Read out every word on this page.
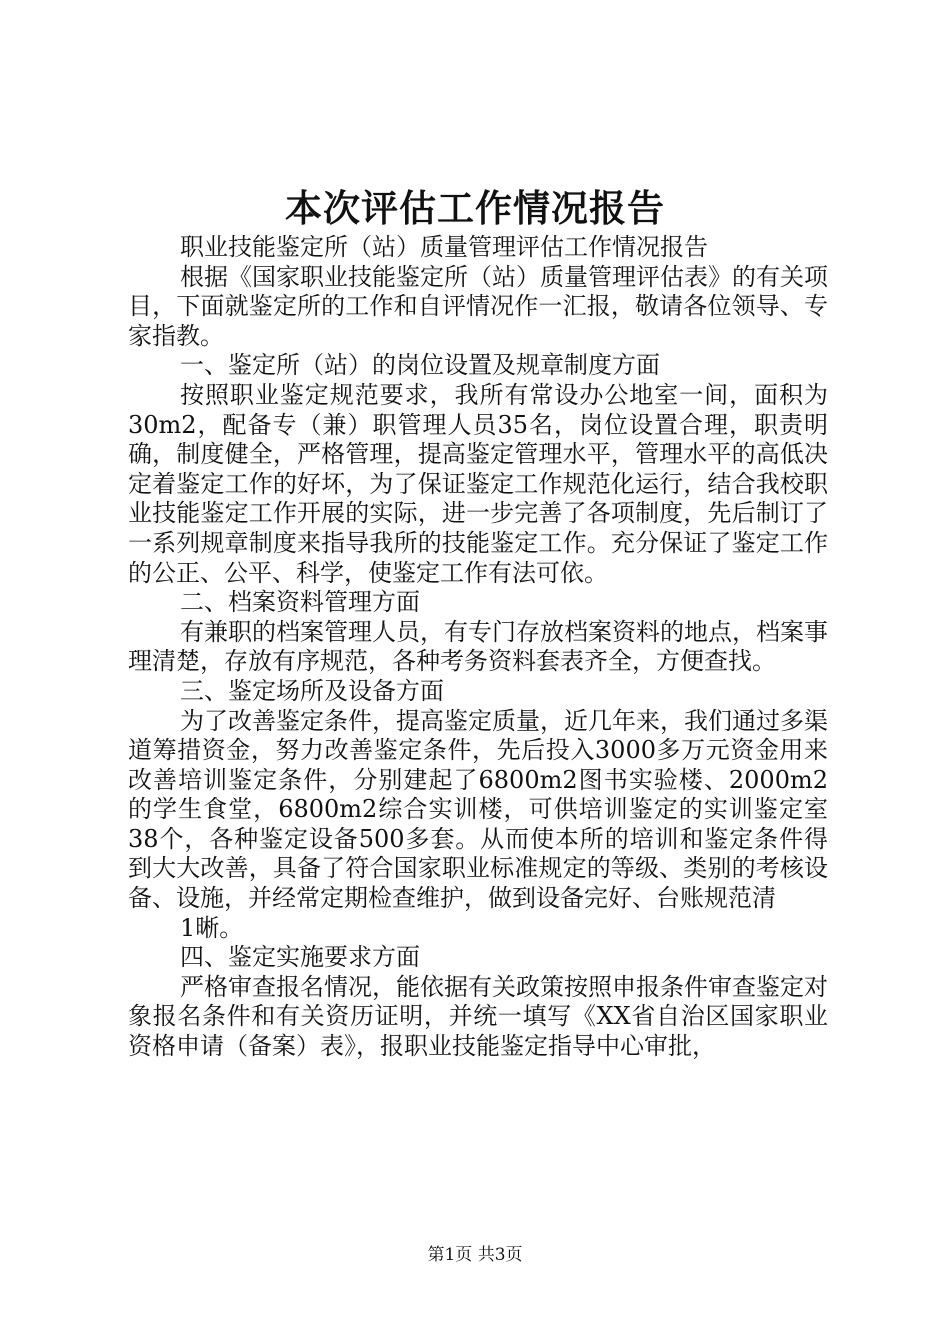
本次评估工作情况报告

职业技能鉴定所（站）质量管理评估工作情况报告

根据《国家职业技能鉴定所（站）质量管理评估表》的有关项目，下面就鉴定所的工作和自评情况作一汇报，敬请各位领导、专家指教。

一、鉴定所（站）的岗位设置及规章制度方面

按照职业鉴定规范要求，我所有常设办公地室一间，面积为30m2，配备专（兼）职管理人员35名，岗位设置合理，职责明确，制度健全，严格管理，提高鉴定管理水平，管理水平的高低决定着鉴定工作的好坏，为了保证鉴定工作规范化运行，结合我校职业技能鉴定工作开展的实际，进一步完善了各项制度，先后制订了一系列规章制度来指导我所的技能鉴定工作。充分保证了鉴定工作的公正、公平、科学，使鉴定工作有法可依。

二、档案资料管理方面

有兼职的档案管理人员，有专门存放档案资料的地点，档案事理清楚，存放有序规范，各种考务资料套表齐全，方便查找。

三、鉴定场所及设备方面

为了改善鉴定条件，提高鉴定质量，近几年来，我们通过多渠道筹措资金，努力改善鉴定条件，先后投入3000多万元资金用来改善培训鉴定条件，分别建起了6800m2图书实验楼、2000m2的学生食堂，6800m2综合实训楼，可供培训鉴定的实训鉴定室38个，各种鉴定设备500多套。从而使本所的培训和鉴定条件得到大大改善，具备了符合国家职业标准规定的等级、类别的考核设备、设施，并经常定期检查维护，做到设备完好、台账规范清

1晰。

四、鉴定实施要求方面

严格审查报名情况，能依据有关政策按照申报条件审查鉴定对象报名条件和有关资历证明，并统一填写《XX省自治区国家职业资格申请（备案）表》，报职业技能鉴定指导中心审批，

第1页 共3页
